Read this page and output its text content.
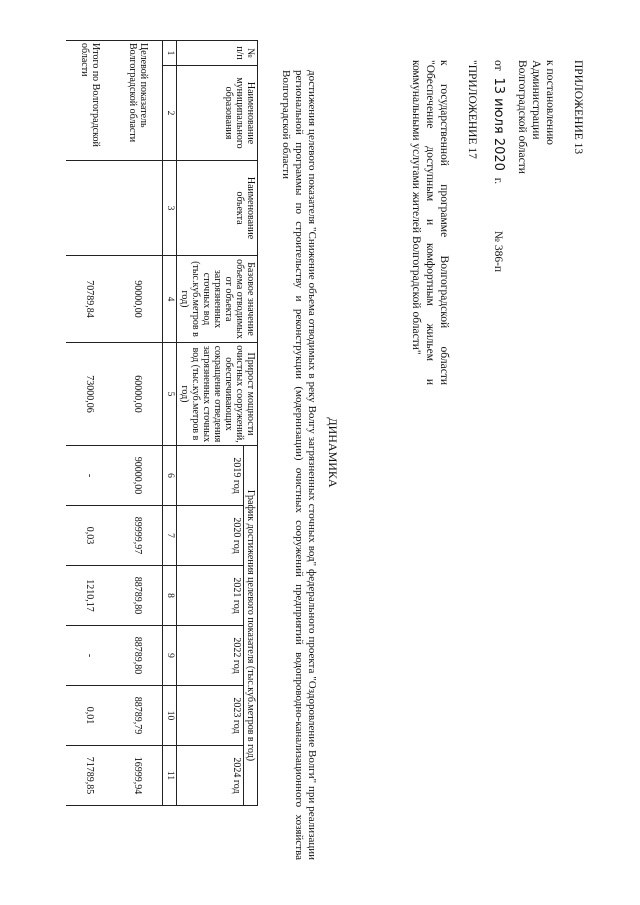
ПРИЛОЖЕНИЕ 13
к постановлению
Администрации
Волгоградской области
от 13 июля 2020 г. № 386-п
"ПРИЛОЖЕНИЕ 17
к государственной программе Волгоградской области "Обеспечение доступным и комфортным жильем и коммунальными услугами жителей Волгоградской области"
ДИНАМИКА
достижения целевого показателя "Снижение объема отводимых в реку Волгу загрязненных сточных вод" федерального проекта "Оздоровление Волги" при реализации региональной программы по строительству и реконструкции (модернизации) очистных сооружений предприятий водопроводно-канализационного хозяйства Волгоградской области
№ п/п	Наименование муниципального образования	Наименование объекта	Базовое значение объема отводимых от объекта загрязненных сточных вод (тыс.куб.метров в год)	Прирост мощности очистных сооружений, обеспечивающих сокращение отведения загрязненных сточных вод (тыс.куб.метров в год)	График достижения целевого показателя (тыс.куб.метров в год)					
					2019 год	2020 год	2021 год	2022 год	2023 год	2024 год
1	2	3	4	5	6	7	8	9	10	11
Целевой показатель Волгоградской области			90000,00	60000,00	90000,00	89999,97	88789,80	88789,80	88789,79	16999,94
Итого по Волгоградской области			70789,84	73000,06	-	0,03	1210,17	-	0,01	71789,85
